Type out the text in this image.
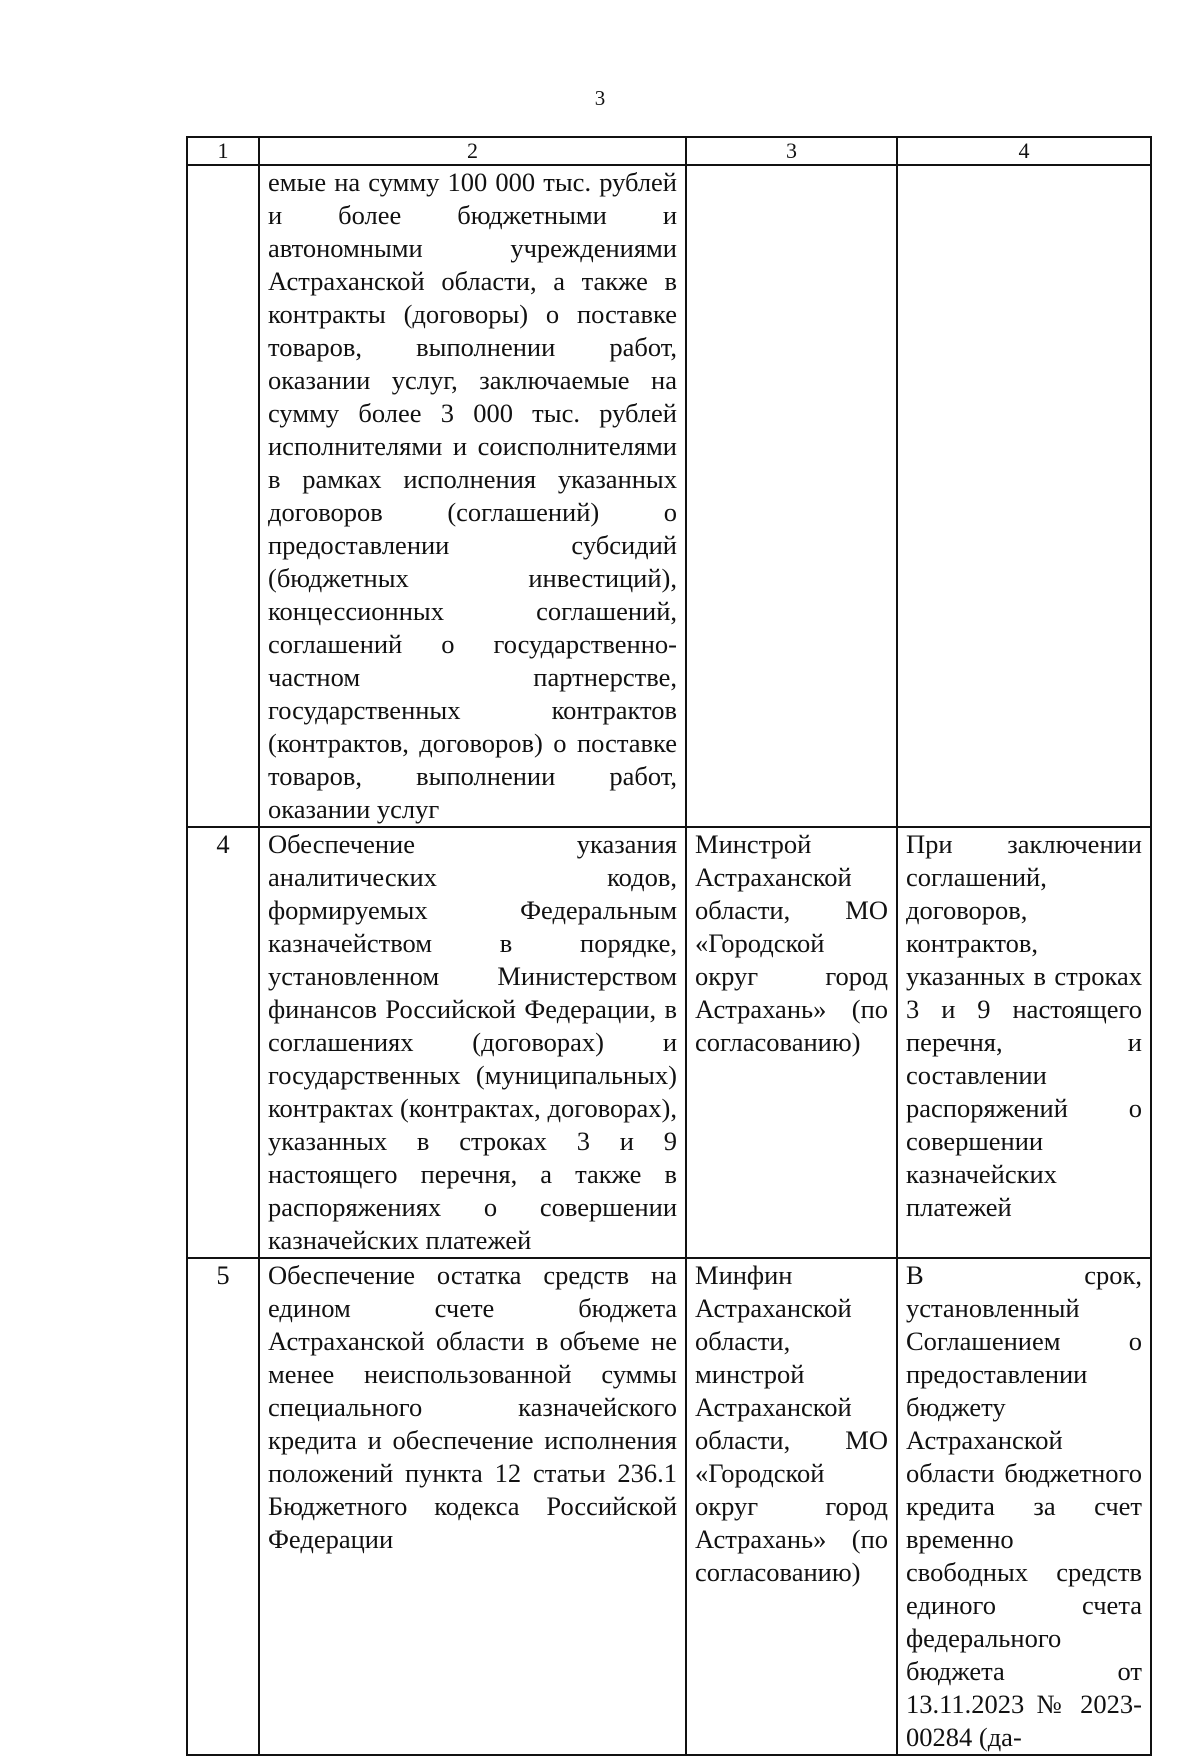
3
1	2	3	4
	емые на сумму 100 000 тыс. рублей и более бюджетными и автономными учреждениями Астраханской области, а также в контракты (договоры) о поставке товаров, выполнении работ, оказании услуг, заключаемые на сумму более 3 000 тыс. рублей исполнителями и соисполнителями в рамках исполнения указанных договоров (соглашений) о предоставлении субсидий (бюджетных инвестиций), концессионных соглашений, соглашений о государственно-частном партнерстве, государственных контрактов (контрактов, договоров) о поставке товаров, выполнении работ, оказании услуг		
4	Обеспечение указания аналитических кодов, формируемых Федеральным казначейством в порядке, установленном Министерством финансов Российской Федерации, в соглашениях (договорах) и государственных (муниципальных) контрактах (контрактах, договорах), указанных в строках 3 и 9 настоящего перечня, а также в распоряжениях о совершении казначейских платежей	Минстрой Астраханской области, МО «Городской округ город Астрахань» (по согласованию)	При заключении соглашений, договоров, контрактов, указанных в строках 3 и 9 настоящего перечня, и составлении распоряжений о совершении казначейских платежей
5	Обеспечение остатка средств на едином счете бюджета Астраханской области в объеме не менее неиспользованной суммы специального казначейского кредита и обеспечение исполнения положений пункта 12 статьи 236.1 Бюджетного кодекса Российской Федерации	Минфин Астраханской области, минстрой Астраханской области, МО «Городской округ город Астрахань» (по согласованию)	В срок, установленный Соглашением о предоставлении бюджету Астраханской области бюджетного кредита за счет временно свободных средств единого счета федерального бюджета от 13.11.2023 № 2023-00284 (да-
